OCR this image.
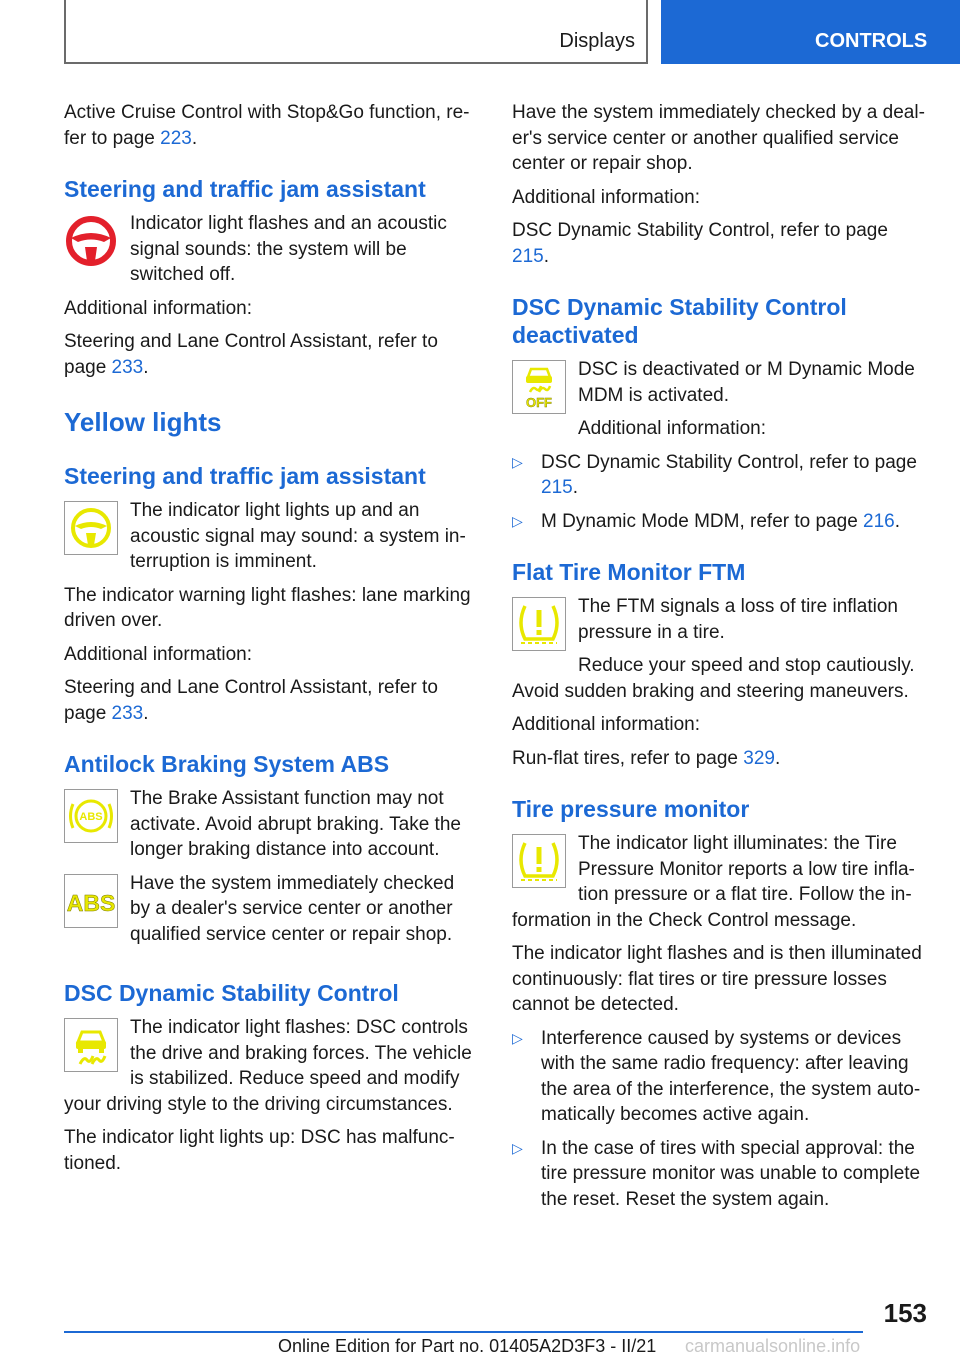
Displays	CONTROLS

Active Cruise Control with Stop&Go function, re-fer to page 223.

Steering and traffic jam assistant

Indicator light flashes and an acoustic signal sounds: the system will be switched off.

Additional information:

Steering and Lane Control Assistant, refer to page 233.

Yellow lights
Steering and traffic jam assistant

The indicator light lights up and an acoustic signal may sound: a system in-terruption is imminent.

The indicator warning light flashes: lane marking driven over.

Additional information:

Steering and Lane Control Assistant, refer to page 233.

Antilock Braking System ABS
ABS

The Brake Assistant function may not activate. Avoid abrupt braking. Take the longer braking distance into account.

ABS

Have the system immediately checked by a dealer's service center or another qualified service center or repair shop.

DSC Dynamic Stability Control

The indicator light flashes: DSC controls the drive and braking forces. The vehicle is stabilized. Reduce speed and modify your driving style to the driving circumstances.

The indicator light lights up: DSC has malfunc-tioned.

Have the system immediately checked by a deal-er's service center or another qualified service center or repair shop.

Additional information:

DSC Dynamic Stability Control, refer to page 215.

DSC Dynamic Stability Control deactivated
OFF

DSC is deactivated or M Dynamic Mode MDM is activated.

Additional information:

▷ DSC Dynamic Stability Control, refer to page 215.
▷ M Dynamic Mode MDM, refer to page 216.
Flat Tire Monitor FTM

The FTM signals a loss of tire inflation pressure in a tire.

Reduce your speed and stop cautiously. Avoid sudden braking and steering maneuvers.

Additional information:

Run-flat tires, refer to page 329.

Tire pressure monitor

The indicator light illuminates: the Tire Pressure Monitor reports a low tire infla-tion pressure or a flat tire. Follow the in-formation in the Check Control message.

The indicator light flashes and is then illuminated continuously: flat tires or tire pressure losses cannot be detected.

▷ Interference caused by systems or devices with the same radio frequency: after leaving the area of the interference, the system auto-matically becomes active again.
▷ In the case of tires with special approval: the tire pressure monitor was unable to complete the reset. Reset the system again.
153
Online Edition for Part no. 01405A2D3F3 - II/21 carmanualsonline.info
